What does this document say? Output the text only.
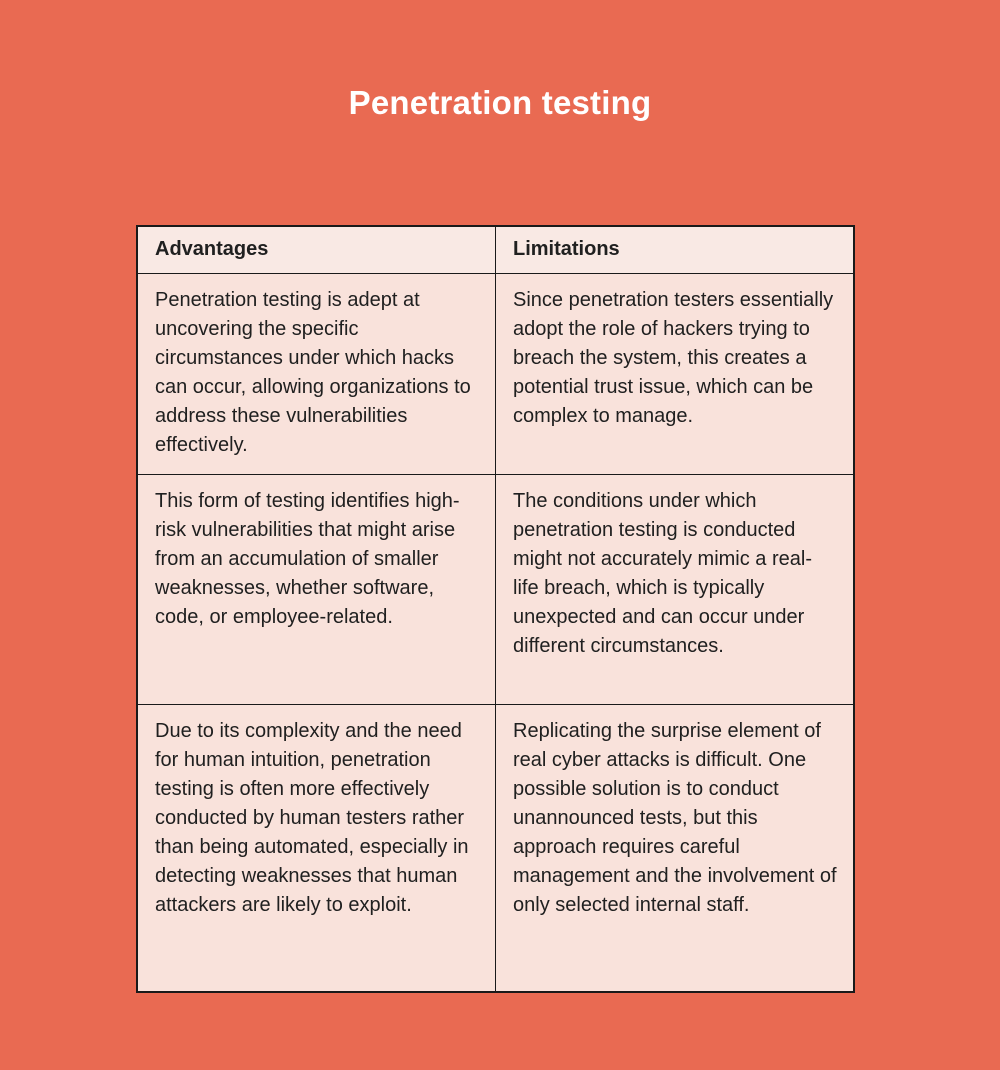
Penetration testing
Advantages	Limitations
Penetration testing is adept at uncovering the specific circumstances under which hacks can occur, allowing organizations to address these vulnerabilities effectively.	Since penetration testers essentially adopt the role of hackers trying to breach the system, this creates a potential trust issue, which can be complex to manage.
This form of testing identifies high-risk vulnerabilities that might arise from an accumulation of smaller weaknesses, whether software, code, or employee-related.	The conditions under which penetration testing is conducted might not accurately mimic a real-life breach, which is typically unexpected and can occur under different circumstances.
Due to its complexity and the need for human intuition, penetration testing is often more effectively conducted by human testers rather than being automated, especially in detecting weaknesses that human attackers are likely to exploit.	Replicating the surprise element of real cyber attacks is difficult. One possible solution is to conduct unannounced tests, but this approach requires careful management and the involvement of only selected internal staff.
